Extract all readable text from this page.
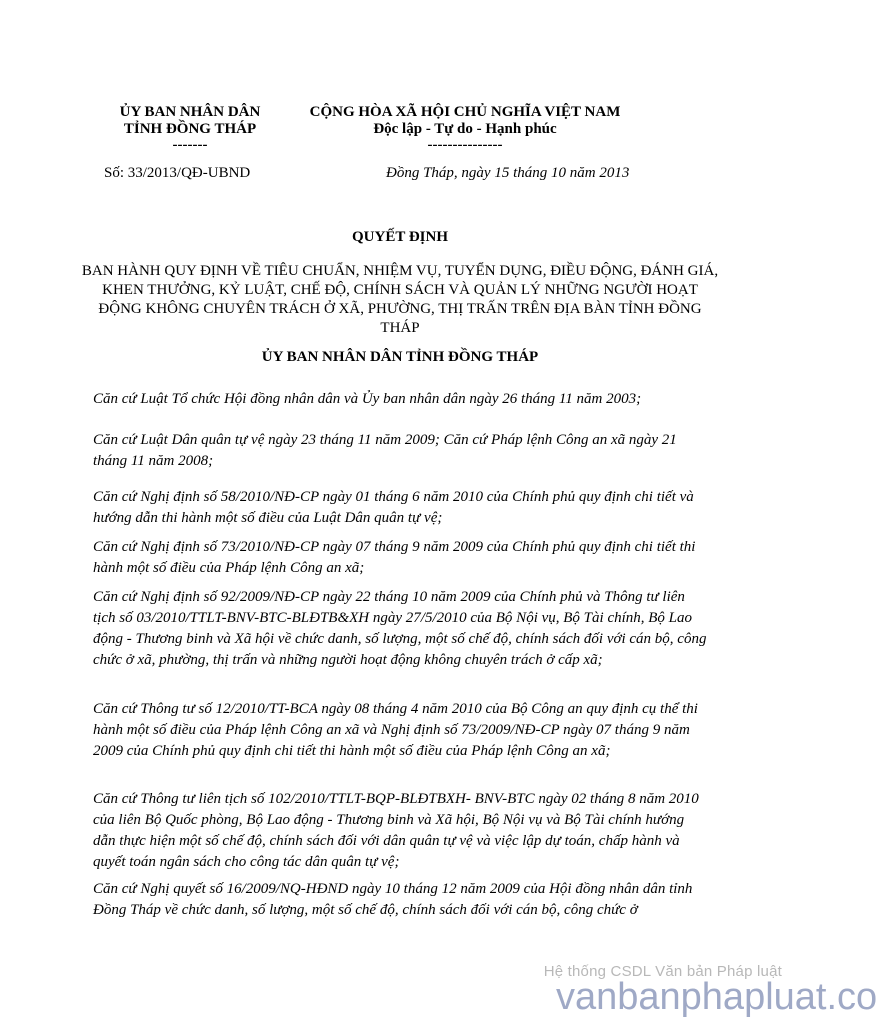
ỦY BAN NHÂN DÂN
TỈNH ĐỒNG THÁP
-------
Số: 33/2013/QĐ-UBND
CỘNG HÒA XÃ HỘI CHỦ NGHĨA VIỆT NAM
Độc lập - Tự do - Hạnh phúc
---------------
Đồng Tháp, ngày 15 tháng 10 năm 2013
QUYẾT ĐỊNH
BAN HÀNH QUY ĐỊNH VỀ TIÊU CHUẨN, NHIỆM VỤ, TUYỂN DỤNG, ĐIỀU ĐỘNG, ĐÁNH GIÁ, KHEN THƯỞNG, KỶ LUẬT, CHẾ ĐỘ, CHÍNH SÁCH VÀ QUẢN LÝ NHỮNG NGƯỜI HOẠT ĐỘNG KHÔNG CHUYÊN TRÁCH Ở XÃ, PHƯỜNG, THỊ TRẤN TRÊN ĐỊA BÀN TỈNH ĐỒNG THÁP
ỦY BAN NHÂN DÂN TỈNH ĐỒNG THÁP
Căn cứ Luật Tổ chức Hội đồng nhân dân và Ủy ban nhân dân ngày 26 tháng 11 năm 2003;
Căn cứ Luật Dân quân tự vệ ngày 23 tháng 11 năm 2009; Căn cứ Pháp lệnh Công an xã ngày 21 tháng 11 năm 2008;
Căn cứ Nghị định số 58/2010/NĐ-CP ngày 01 tháng 6 năm 2010 của Chính phủ quy định chi tiết và hướng dẫn thi hành một số điều của Luật Dân quân tự vệ;
Căn cứ Nghị định số 73/2010/NĐ-CP ngày 07 tháng 9 năm 2009 của Chính phủ quy định chi tiết thi hành một số điều của Pháp lệnh Công an xã;
Căn cứ Nghị định số 92/2009/NĐ-CP ngày 22 tháng 10 năm 2009 của Chính phủ và Thông tư liên tịch số 03/2010/TTLT-BNV-BTC-BLĐTB&XH ngày 27/5/2010 của Bộ Nội vụ, Bộ Tài chính, Bộ Lao động - Thương binh và Xã hội về chức danh, số lượng, một số chế độ, chính sách đối với cán bộ, công chức ở xã, phường, thị trấn và những người hoạt động không chuyên trách ở cấp xã;
Căn cứ Thông tư số 12/2010/TT-BCA ngày 08 tháng 4 năm 2010 của Bộ Công an quy định cụ thể thi hành một số điều của Pháp lệnh Công an xã và Nghị định số 73/2009/NĐ-CP ngày 07 tháng 9 năm 2009 của Chính phủ quy định chi tiết thi hành một số điều của Pháp lệnh Công an xã;
Căn cứ Thông tư liên tịch số 102/2010/TTLT-BQP-BLĐTBXH- BNV-BTC ngày 02 tháng 8 năm 2010 của liên Bộ Quốc phòng, Bộ Lao động - Thương binh và Xã hội, Bộ Nội vụ và Bộ Tài chính hướng dẫn thực hiện một số chế độ, chính sách đối với dân quân tự vệ và việc lập dự toán, chấp hành và quyết toán ngân sách cho công tác dân quân tự vệ;
Căn cứ Nghị quyết số 16/2009/NQ-HĐND ngày 10 tháng 12 năm 2009 của Hội đồng nhân dân tỉnh Đồng Tháp về chức danh, số lượng, một số chế độ, chính sách đối với cán bộ, công chức ở
Hệ thống CSDL Văn bản Pháp luật
vanbanphapluat.co
